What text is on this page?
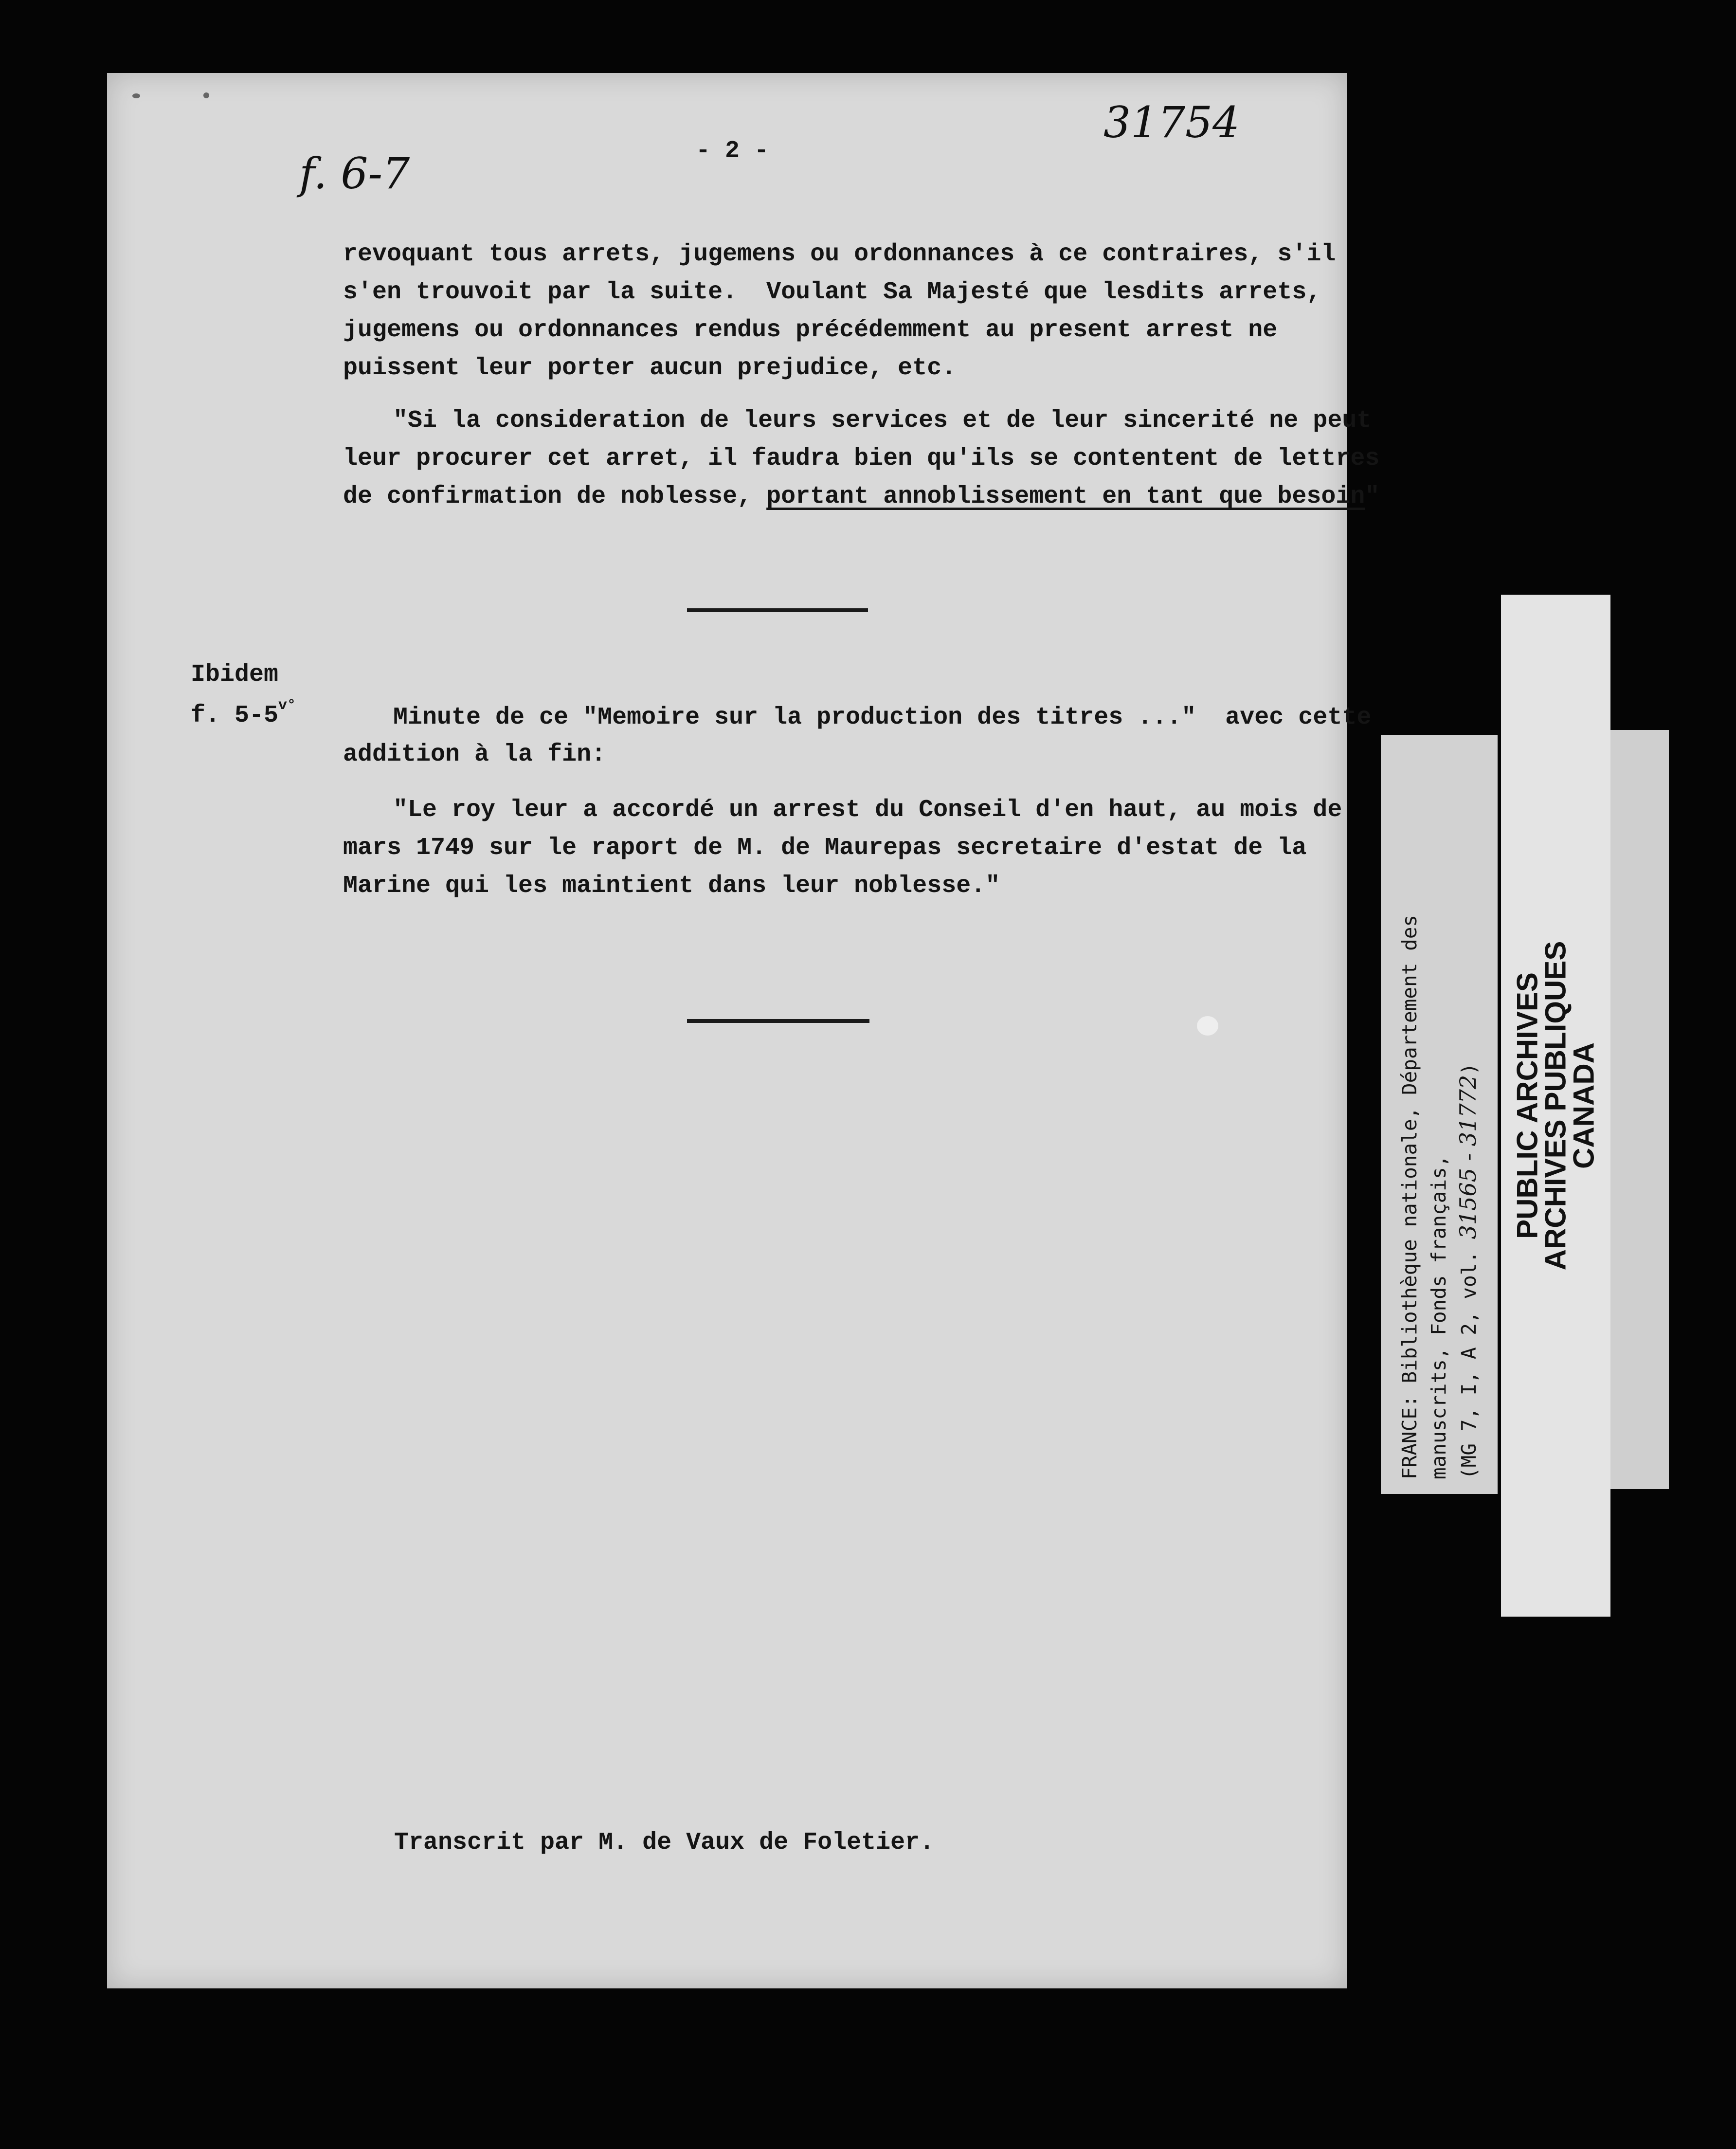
31754
f. 6-7	- 2 -
revoquant tous arrets, jugemens ou ordonnances à ce contraires, s'il
s'en trouvoit par la suite.  Voulant Sa Majesté que lesdits arrets,
jugemens ou ordonnances rendus précédemment au present arrest ne
puissent leur porter aucun prejudice, etc.
"Si la consideration de leurs services et de leur sincerité ne peut
leur procurer cet arret, il faudra bien qu'ils se contentent de lettres
de confirmation de noblesse, portant annoblissement en tant que besoin"
Ibidem
f. $5-5^{v^\circ}$	Minute de ce "Memoire sur la production des titres ..."  avec cette
addition à la fin:
"Le roy leur a accordé un arrest du Conseil d'en haut, au mois de
mars 1749 sur le raport de M. de Maurepas secretaire d'estat de la
Marine qui les maintient dans leur noblesse."
Transcrit par M. de Vaux de Foletier.
PUBLIC ARCHIVES
ARCHIVES PUBLIQUES
CANADA
FRANCE: Bibliothèque nationale, Département des manuscrits, Fonds français, (MG 7, I, A 2, vol. 31565 - 31772)
